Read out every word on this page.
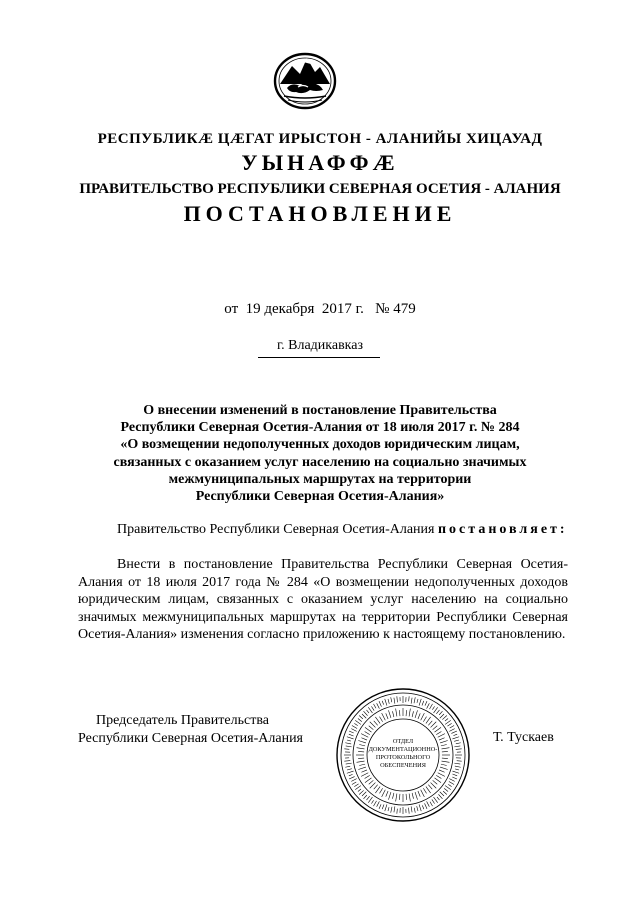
РЕСПУБЛИКӔ ЦӔГАТ ИРЫСТОН - АЛАНИЙЫ ХИЦАУАД
УЫНАФФӔ
ПРАВИТЕЛЬСТВО РЕСПУБЛИКИ СЕВЕРНАЯ ОСЕТИЯ - АЛАНИЯ
ПОСТАНОВЛЕНИЕ
от  19 декабря  2017 г.   № 479
г. Владикавказ
О внесении изменений в постановление Правительства
Республики Северная Осетия-Алания от 18 июля 2017 г. № 284
«О возмещении недополученных доходов юридическим лицам,
связанных с оказанием услуг населению на социально значимых
межмуниципальных маршрутах на территории
Республики Северная Осетия-Алания»
Правительство Республики Северная Осетия-Алания постановляет:
Внести в постановление Правительства Республики Северная Осетия-Алания от 18 июля 2017 года № 284 «О возмещении недополученных доходов юридическим лицам, связанных с оказанием услуг населению на социально значимых межмуниципальных маршрутах на территории Республики Северная Осетия-Алания» изменения согласно приложению к настоящему постановлению.
Председатель Правительства
Республики Северная Осетия-Алания	Т. Тускаев
ОТДЕЛ
ДОКУМЕНТАЦИОННО-
ПРОТОКОЛЬНОГО
ОБЕСПЕЧЕНИЯ
